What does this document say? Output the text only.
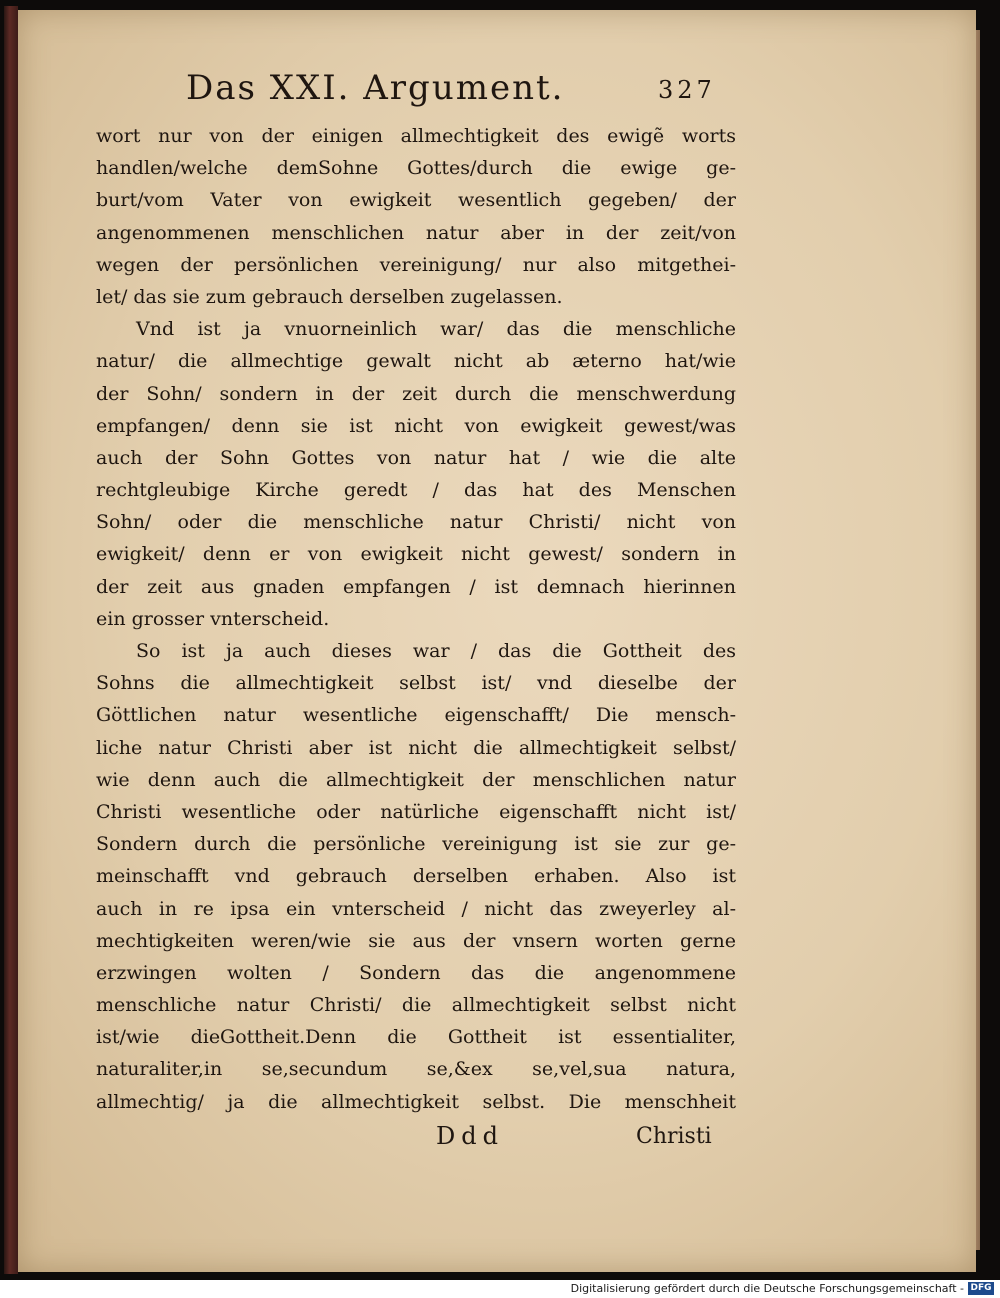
Das XXI. Argument.	327
wort nur von der einigen allmechtigkeit des ewigẽ worts
handlen/welche demSohne Gottes/durch die ewige ge-
burt/vom Vater von ewigkeit wesentlich gegeben/ der
angenommenen menschlichen natur aber in der zeit/von
wegen der persönlichen vereinigung/ nur also mitgethei-
let/ das sie zum gebrauch derselben zugelassen.
Vnd ist ja vnuorneinlich war/ das die menschliche
natur/ die allmechtige gewalt nicht ab æterno hat/wie
der Sohn/ sondern in der zeit durch die menschwerdung
empfangen/ denn sie ist nicht von ewigkeit gewest/was
auch der Sohn Gottes von natur hat / wie die alte
rechtgleubige Kirche geredt / das hat des Menschen
Sohn/ oder die menschliche natur Christi/ nicht von
ewigkeit/ denn er von ewigkeit nicht gewest/ sondern in
der zeit aus gnaden empfangen / ist demnach hierinnen
ein grosser vnterscheid.
So ist ja auch dieses war / das die Gottheit des
Sohns die allmechtigkeit selbst ist/ vnd dieselbe der
Göttlichen natur wesentliche eigenschafft/ Die mensch-
liche natur Christi aber ist nicht die allmechtigkeit selbst/
wie denn auch die allmechtigkeit der menschlichen natur
Christi wesentliche oder natürliche eigenschafft nicht ist/
Sondern durch die persönliche vereinigung ist sie zur ge-
meinschafft vnd gebrauch derselben erhaben. Also ist
auch in re ipsa ein vnterscheid / nicht das zweyerley al-
mechtigkeiten weren/wie sie aus der vnsern worten gerne
erzwingen wolten / Sondern das die angenommene
menschliche natur Christi/ die allmechtigkeit selbst nicht
ist/wie dieGottheit.Denn die Gottheit ist essentialiter,
naturaliter,in se,secundum se,&ex se,vel,sua natura,
allmechtig/ ja die allmechtigkeit selbst. Die menschheit
Ddd	Christi
Digitalisierung gefördert durch die Deutsche Forschungsgemeinschaft - DFG
